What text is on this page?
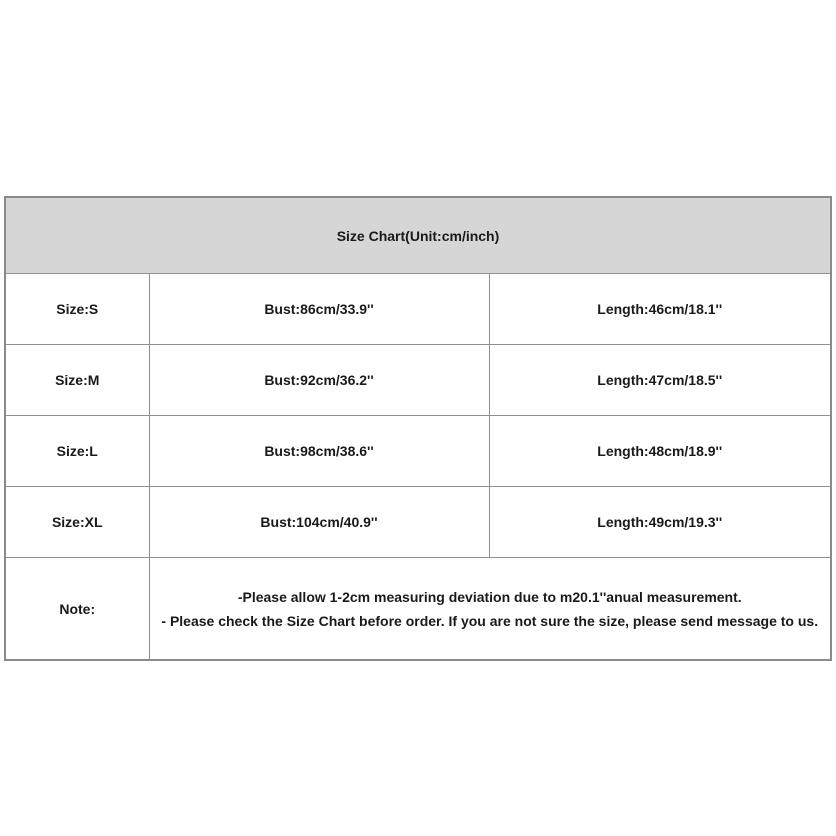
Size Chart(Unit:cm/inch)		
Size:S	Bust:86cm/33.9''	Length:46cm/18.1''
Size:M	Bust:92cm/36.2''	Length:47cm/18.5''
Size:L	Bust:98cm/38.6''	Length:48cm/18.9''
Size:XL	Bust:104cm/40.9''	Length:49cm/19.3''
Note:	-Please allow 1-2cm measuring deviation due to m20.1''anual measurement.
- Please check the Size Chart before order. If you are not sure the size, please send message to us.	
